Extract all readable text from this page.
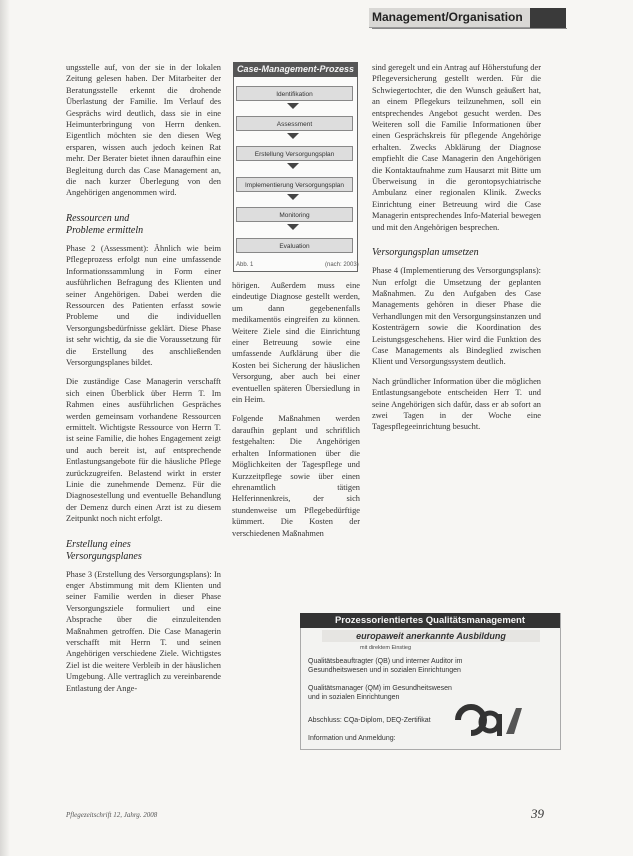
Management/Organisation

ungsstelle auf, von der sie in der lokalen Zeitung gelesen haben. Der Mitarbeiter der Beratungsstelle erkennt die drohende Überlastung der Familie. Im Verlauf des Gesprächs wird deutlich, dass sie in eine Heimunterbringung von Herrn denken. Eigentlich möchten sie den diesen Weg ersparen, wissen auch jedoch keinen Rat mehr. Der Berater bietet ihnen daraufhin eine Begleitung durch das Case Management an, die nach kurzer Überlegung von den Angehörigen angenommen wird.

Ressourcen und
Probleme ermitteln

Phase 2 (Assessment): Ähnlich wie beim Pflegeprozess erfolgt nun eine umfassende Informationssammlung in Form einer ausführlichen Befragung des Klienten und seiner Angehörigen. Dabei werden die Ressourcen des Patienten erfasst sowie Probleme und die individuellen Versorgungsbedürfnisse geklärt. Diese Phase ist sehr wichtig, da sie die Voraussetzung für die Erstellung des anschließenden Versorgungsplanes bildet.

Die zuständige Case Managerin verschafft sich einen Überblick über Herrn T. Im Rahmen eines ausführlichen Gespräches werden gemeinsam vorhandene Ressourcen ermittelt. Wichtigste Ressource von Herrn T. ist seine Familie, die hohes Engagement zeigt und auch bereit ist, auf entsprechende Entlastungsangebote für die häusliche Pflege zurückzugreifen. Belastend wirkt in erster Linie die zunehmende Demenz. Für die Diagnosestellung und eventuelle Behandlung der Demenz durch einen Arzt ist zu diesem Zeitpunkt noch nicht erfolgt.

Erstellung eines
Versorgungsplanes

Phase 3 (Erstellung des Versorgungsplans): In enger Abstimmung mit dem Klienten und seiner Familie werden in dieser Phase Versorgungsziele formuliert und eine Absprache über die einzuleitenden Maßnahmen getroffen. Die Case Managerin verschafft mit Herrn T. und seinen Angehörigen verschiedene Ziele. Wichtigstes Ziel ist die weitere Verbleib in der häuslichen Umgebung. Alle vertraglich zu vereinbarende Entlastung der Ange-

Case-Management-Prozess
Identifikation
Assessment
Erstellung Versorgungsplan
Implementierung Versorgungsplan
Monitoring
Evaluation
Abb. 1	(nach: 2003)

hörigen. Außerdem muss eine eindeutige Diagnose gestellt werden, um dann gegebenenfalls medikamentös eingreifen zu können. Weitere Ziele sind die Einrichtung einer Betreuung sowie eine umfassende Aufklärung über die Kosten bei Sicherung der häuslichen Versorgung, aber auch bei einer eventuellen späteren Übersiedlung in ein Heim.

Folgende Maßnahmen werden daraufhin geplant und schriftlich festgehalten: Die Angehörigen erhalten Informationen über die Möglichkeiten der Tagespflege und Kurzzeitpflege sowie über einen ehrenamtlich tätigen Helferinnenkreis, der sich stundenweise um Pflegebedürftige kümmert. Die Kosten der verschiedenen Maßnahmen

sind geregelt und ein Antrag auf Höherstufung der Pflegeversicherung gestellt werden. Für die Schwiegertochter, die den Wunsch geäußert hat, an einem Pflegekurs teilzunehmen, soll ein entsprechendes Angebot gesucht werden. Des Weiteren soll die Familie Informationen über einen Gesprächskreis für pflegende Angehörige erhalten. Zwecks Abklärung der Diagnose empfiehlt die Case Managerin den Angehörigen die Kontaktaufnahme zum Hausarzt mit Bitte um Überweisung in die gerontopsychiatrische Ambulanz einer regionalen Klinik. Zwecks Einrichtung einer Betreuung wird die Case Managerin entsprechendes Info-Material bewegen und mit den Angehörigen besprechen.

Versorgungsplan umsetzen

Phase 4 (Implementierung des Versorgungsplans): Nun erfolgt die Umsetzung der geplanten Maßnahmen. Zu den Aufgaben des Case Managements gehören in dieser Phase die Verhandlungen mit den Versorgungsinstanzen und Kostenträgern sowie die Koordination des Leistungsgeschehens. Hier wird die Funktion des Case Managements als Bindeglied zwischen Klient und Versorgungssystem deutlich.

Nach gründlicher Information über die möglichen Entlastungsangebote entscheiden Herr T. und seine Angehörigen sich dafür, dass er ab sofort an zwei Tagen in der Woche eine Tagespflegeeinrichtung besucht.

Prozessorientiertes Qualitätsmanagement
europaweit anerkannte Ausbildung
mit direktem Einstieg
Qualitätsbeauftragter (QB) und interner Auditor im
Gesundheitswesen und in sozialen Einrichtungen
Qualitätsmanager (QM) im Gesundheitswesen
und in sozialen Einrichtungen
Abschluss: CQa-Diplom, DEQ-Zertifikat
Information und Anmeldung:
Pflegezeitschrift 12, Jahrg. 2008	39
